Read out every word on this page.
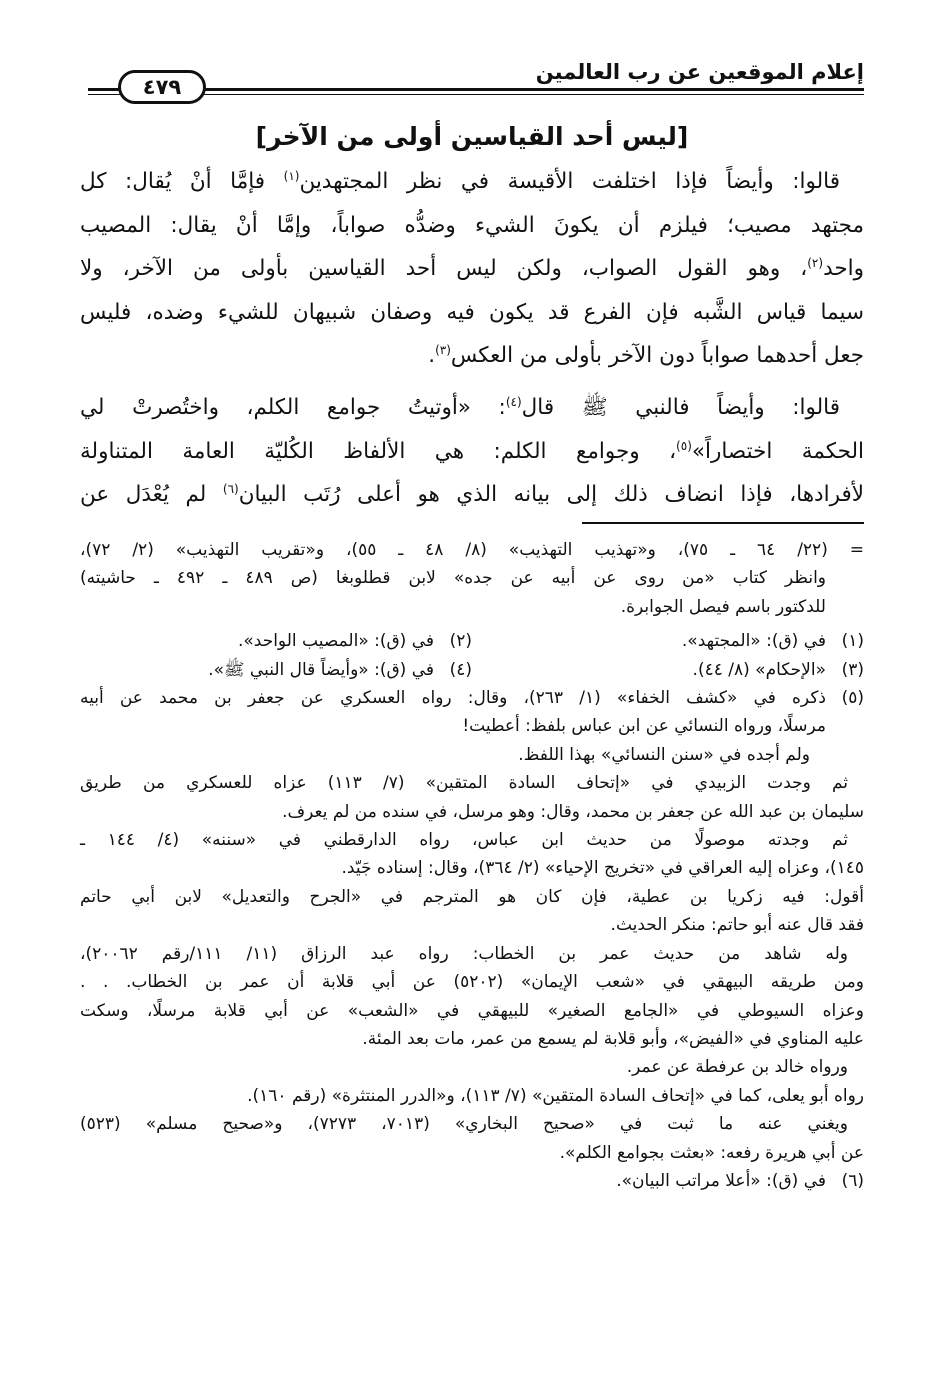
إعلام الموقعين عن رب العالمين
٤٧٩
[ليس أحد القياسين أولى من الآخر]

قالوا: وأيضاً فإذا اختلفت الأقيسة في نظر المجتهدين$^{(١)}$ فإمَّا أنْ يُقال: كل
مجتهد مصيب؛ فيلزم أن يكونَ الشيء وضدُّه صواباً، وإمَّا أنْ يقال: المصيب
واحد$^{(٢)}$، وهو القول الصواب، ولكن ليس أحد القياسين بأولى من الآخر، ولا
سيما قياس الشَّبه فإن الفرع قد يكون فيه وصفان شبيهان للشيء وضده، فليس
جعل أحدهما صواباً دون الآخر بأولى من العكس$^{(٣)}$.

قالوا: وأيضاً فالنبي ﷺ قال$^{(٤)}$: «أوتيتُ جوامع الكلم، واختُصرتْ لي
الحكمة اختصاراً»$^{(٥)}$، وجوامع الكلم: هي الألفاظ الكُليّة العامة المتناولة
لأفرادها، فإذا انضاف ذلك إلى بيانه الذي هو أعلى رُتَب البيان$^{(٦)}$ لم يُعْدَل عن

= (٢٢/ ٦٤ ـ ٧٥)، و«تهذيب التهذيب» (٨/ ٤٨ ـ ٥٥)، و«تقريب التهذيب» (٢/ ٧٢)،
وانظر كتاب «من روى عن أبيه عن جده» لابن قطلوبغا (ص ٤٨٩ ـ ٤٩٢ ـ حاشيته)
للدكتور باسم فيصل الجوابرة.
(١)
في (ق): «المجتهد».
(٢)
في (ق): «المصيب الواحد».
(٣)
«الإحكام» (٨/ ٤٤).
(٤)
في (ق): «وأيضاً قال النبي ﷺ».
(٥)
ذكره في «كشف الخفاء» (١/ ٢٦٣)، وقال: رواه العسكري عن جعفر بن محمد عن أبيه
مرسلًا، ورواه النسائي عن ابن عباس بلفظ: أعطيت!
ولم أجده في «سنن النسائي» بهذا اللفظ.
ثم وجدت الزبيدي في «إتحاف السادة المتقين» (٧/ ١١٣) عزاه للعسكري من طريق
سليمان بن عبد الله عن جعفر بن محمد، وقال: وهو مرسل، في سنده من لم يعرف.
ثم وجدته موصولًا من حديث ابن عباس، رواه الدارقطني في «سننه» (٤/ ١٤٤ ـ
١٤٥)، وعزاه إليه العراقي في «تخريج الإحياء» (٢/ ٣٦٤)، وقال: إسناده جَيّد.
أقول: فيه زكريا بن عطية، فإن كان هو المترجم في «الجرح والتعديل» لابن أبي حاتم
فقد قال عنه أبو حاتم: منكر الحديث.
وله شاهد من حديث عمر بن الخطاب: رواه عبد الرزاق (١١/ ١١١/رقم ٢٠٠٦٢)،
ومن طريقه البيهقي في «شعب الإيمان» (٥٢٠٢) عن أبي قلابة أن عمر بن الخطاب. . .
وعزاه السيوطي في «الجامع الصغير» للبيهقي في «الشعب» عن أبي قلابة مرسلًا، وسكت
عليه المناوي في «الفيض»، وأبو قلابة لم يسمع من عمر، مات بعد المئة.
ورواه خالد بن عرفطة عن عمر.
رواه أبو يعلى، كما في «إتحاف السادة المتقين» (٧/ ١١٣)، و«الدرر المنتثرة» (رقم ١٦٠).
ويغني عنه ما ثبت في «صحيح البخاري» (٧٠١٣، ٧٢٧٣)، و«صحيح مسلم» (٥٢٣)
عن أبي هريرة رفعه: «بعثت بجوامع الكلم».
(٦)
في (ق): «أعلا مراتب البيان».
